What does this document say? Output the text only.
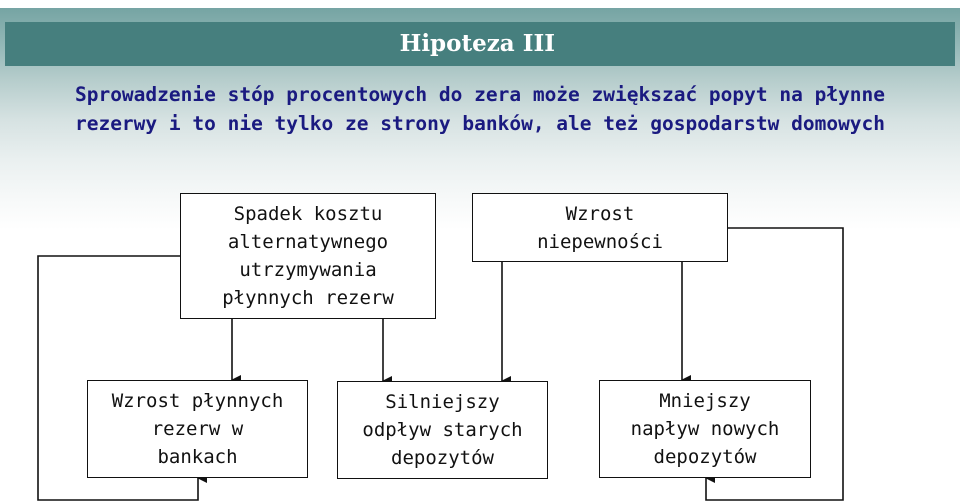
Hipoteza III
Sprowadzenie stóp procentowych do zera może zwiększać popyt na płynne
rezerwy i to nie tylko ze strony banków, ale też gospodarstw domowych
Spadek kosztu
alternatywnego
utrzymywania
płynnych rezerw
Wzrost
niepewności
Wzrost płynnych
rezerw w
bankach
Silniejszy
odpływ starych
depozytów
Mniejszy
napływ nowych
depozytów
